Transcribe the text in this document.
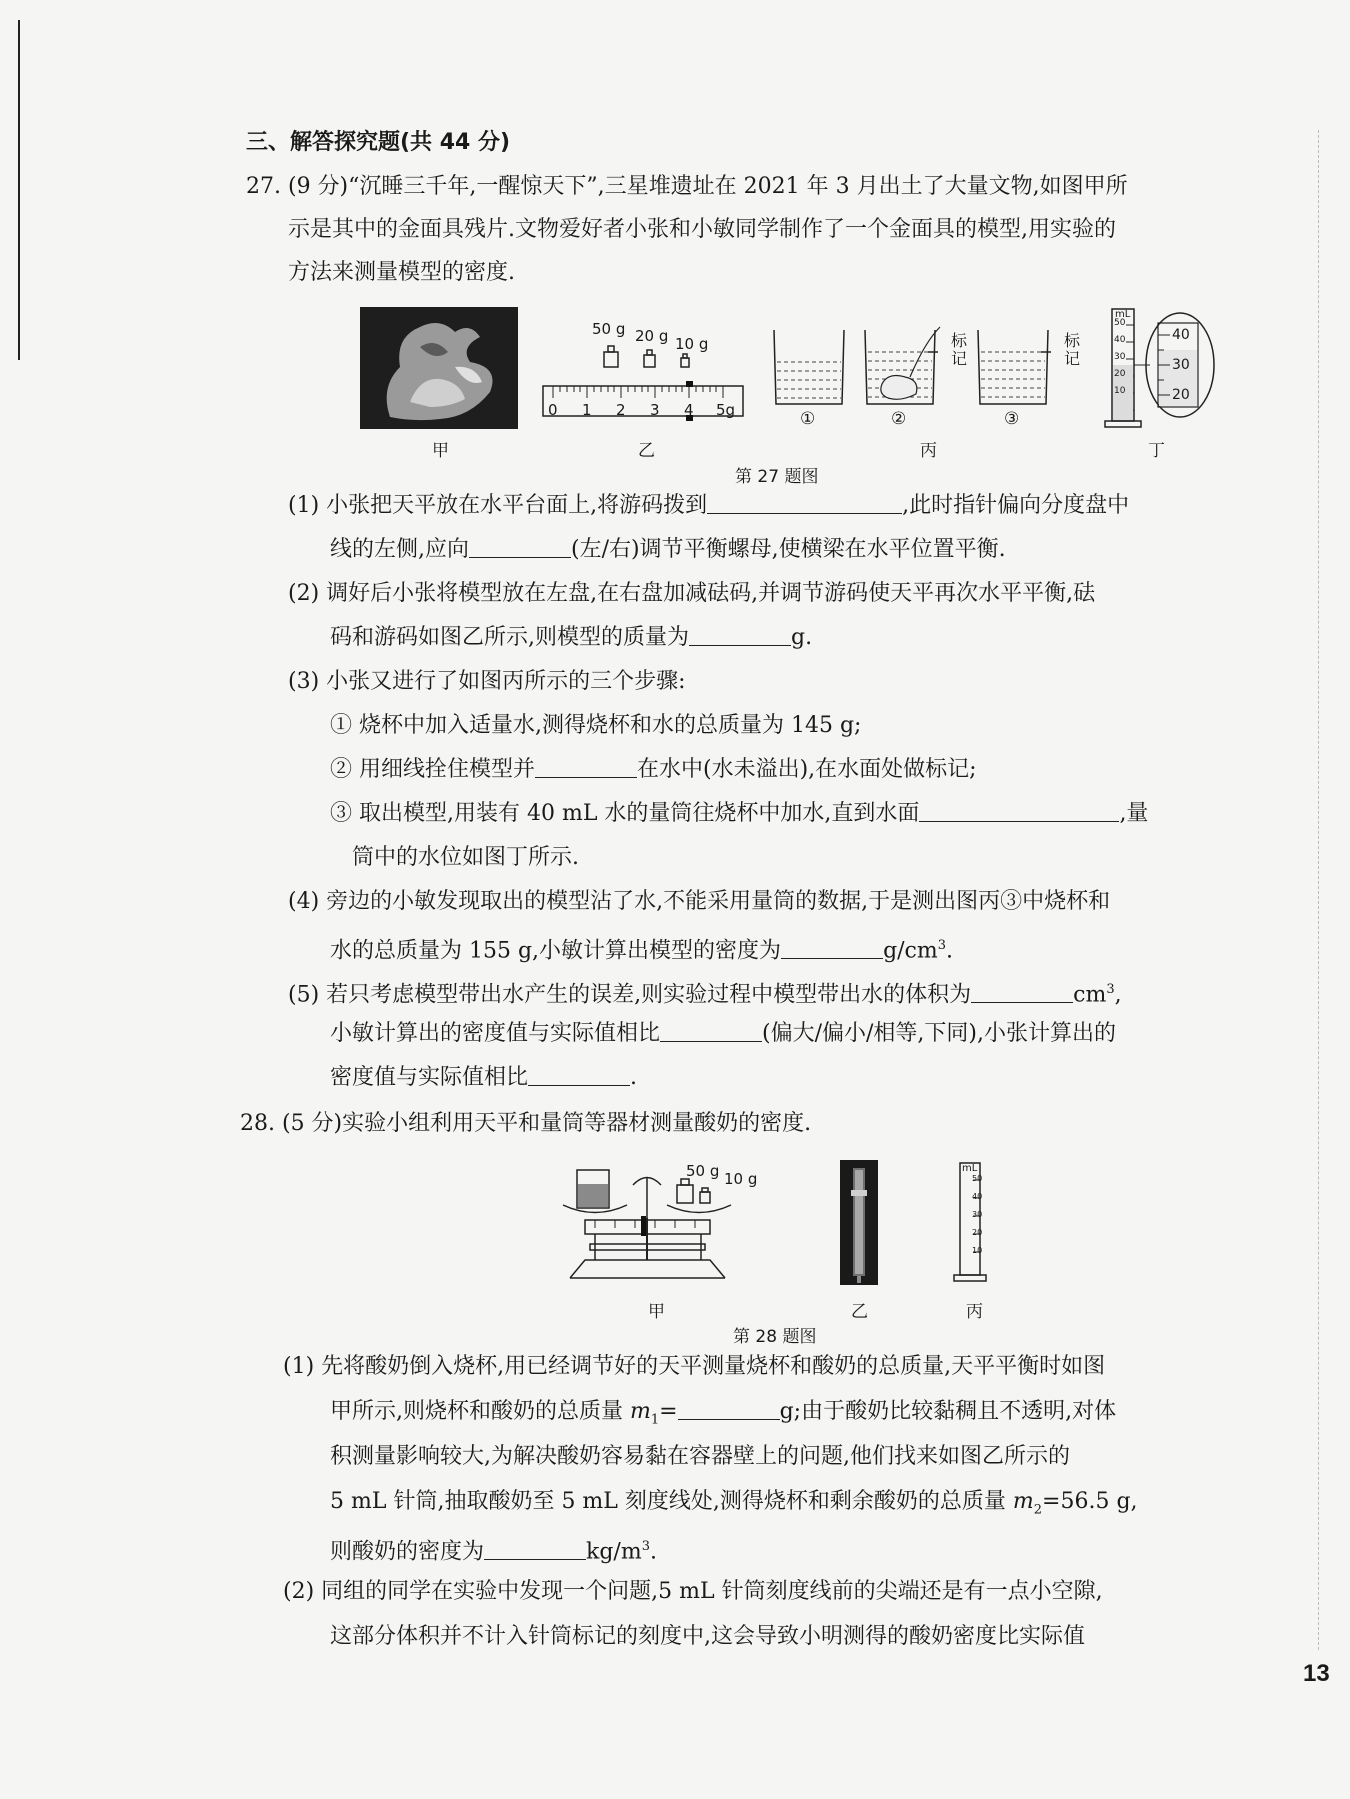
三、解答探究题(共 44 分)
27. (9 分)“沉睡三千年,一醒惊天下”,三星堆遗址在 2021 年 3 月出土了大量文物,如图甲所
示是其中的金面具残片.文物爱好者小张和小敏同学制作了一个金面具的模型,用实验的
方法来测量模型的密度.
甲
50 g 20 g 10 g
0 1 2 3 4 5g
乙
标记
标记
①	②	③
丙
mL
50
40
30
20
10
40
30
20
丁
第 27 题图
(1) 小张把天平放在水平台面上,将游码拨到	,此时指针偏向分度盘中
线的左侧,应向	(左/右)调节平衡螺母,使横梁在水平位置平衡.
(2) 调好后小张将模型放在左盘,在右盘加减砝码,并调节游码使天平再次水平平衡,砝
码和游码如图乙所示,则模型的质量为	g.
(3) 小张又进行了如图丙所示的三个步骤:
① 烧杯中加入适量水,测得烧杯和水的总质量为 145 g;
② 用细线拴住模型并	在水中(水未溢出),在水面处做标记;
③ 取出模型,用装有 40 mL 水的量筒往烧杯中加水,直到水面	,量
筒中的水位如图丁所示.
(4) 旁边的小敏发现取出的模型沾了水,不能采用量筒的数据,于是测出图丙③中烧杯和
水的总质量为 155 g,小敏计算出模型的密度为	$g/cm^3$.
(5) 若只考虑模型带出水产生的误差,则实验过程中模型带出水的体积为	$cm^3$,
小敏计算出的密度值与实际值相比	(偏大/偏小/相等,下同),小张计算出的
密度值与实际值相比	.
28. (5 分)实验小组利用天平和量筒等器材测量酸奶的密度.
50 g 10 g
甲	乙
mL
50
40
30
20
10
丙
第 28 题图
(1) 先将酸奶倒入烧杯,用已经调节好的天平测量烧杯和酸奶的总质量,天平平衡时如图
甲所示,则烧杯和酸奶的总质量 $m_1=$	g;由于酸奶比较黏稠且不透明,对体
积测量影响较大,为解决酸奶容易黏在容器壁上的问题,他们找来如图乙所示的
5 mL 针筒,抽取酸奶至 5 mL 刻度线处,测得烧杯和剩余酸奶的总质量 $m_2=56.5$ g,
则酸奶的密度为	$kg/m^3$.
(2) 同组的同学在实验中发现一个问题,5 mL 针筒刻度线前的尖端还是有一点小空隙,
这部分体积并不计入针筒标记的刻度中,这会导致小明测得的酸奶密度比实际值
13
